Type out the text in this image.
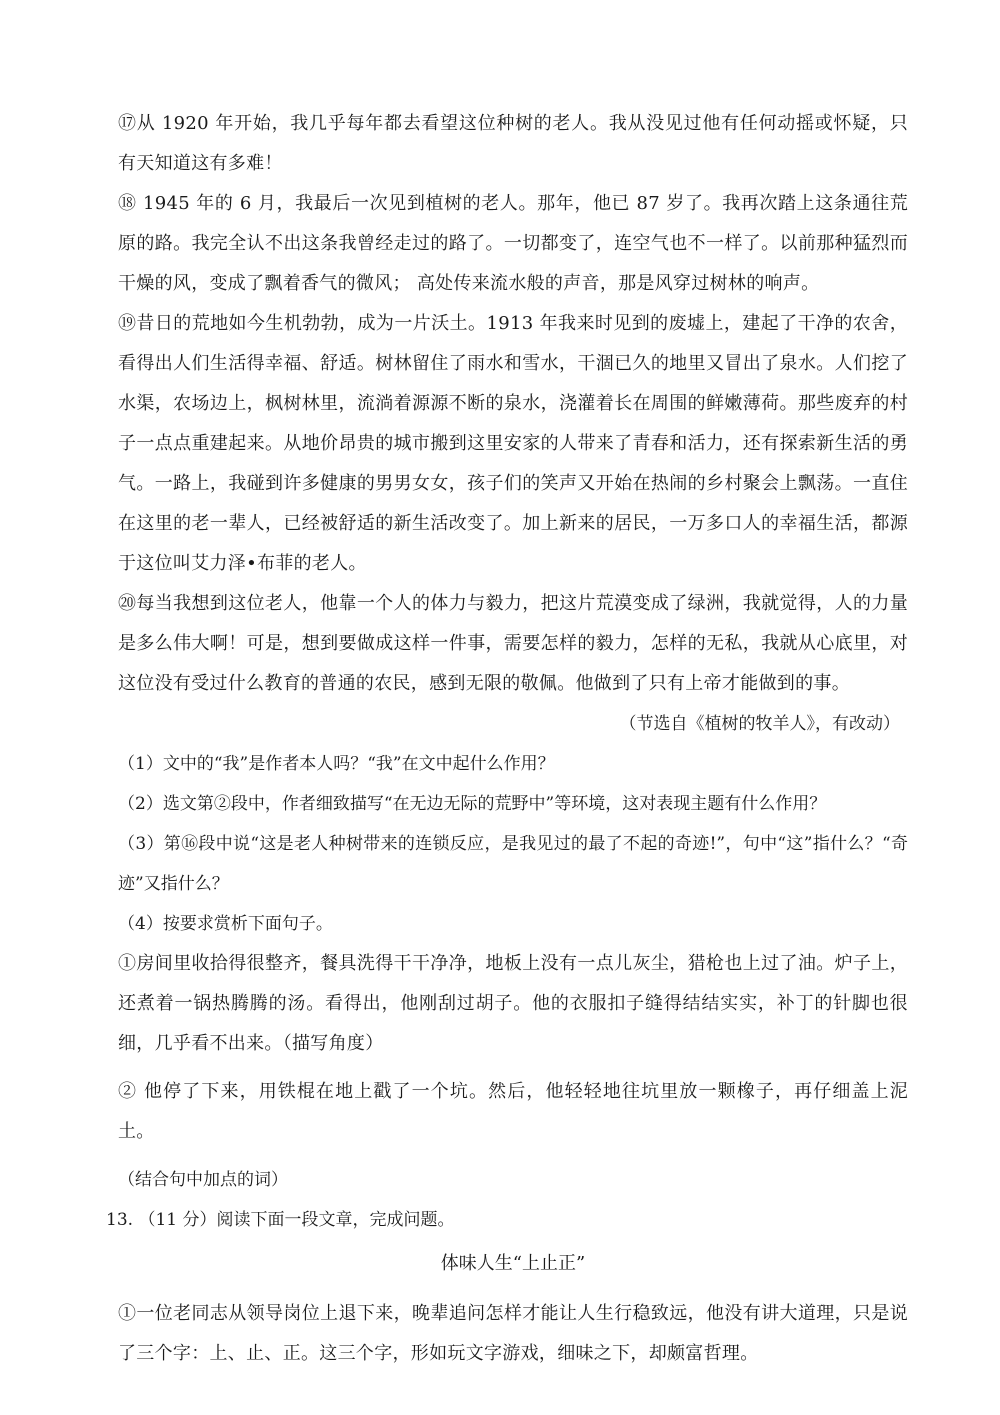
⑰从 1920 年开始，我几乎每年都去看望这位种树的老人。我从没见过他有任何动摇或怀疑，只有天知道这有多难！

⑱ 1945 年的 6 月，我最后一次见到植树的老人。那年，他已 87 岁了。我再次踏上这条通往荒原的路。我完全认不出这条我曾经走过的路了。一切都变了，连空气也不一样了。以前那种猛烈而干燥的风，变成了飘着香气的微风； 高处传来流水般的声音，那是风穿过树林的响声。

⑲昔日的荒地如今生机勃勃，成为一片沃土。1913 年我来时见到的废墟上，建起了干净的农舍，看得出人们生活得幸福、舒适。树林留住了雨水和雪水，干涸已久的地里又冒出了泉水。人们挖了水渠，农场边上，枫树林里，流淌着源源不断的泉水，浇灌着长在周围的鲜嫩薄荷。那些废弃的村子一点点重建起来。从地价昂贵的城市搬到这里安家的人带来了青春和活力，还有探索新生活的勇气。一路上，我碰到许多健康的男男女女，孩子们的笑声又开始在热闹的乡村聚会上飘荡。一直住在这里的老一辈人，已经被舒适的新生活改变了。加上新来的居民，一万多口人的幸福生活，都源于这位叫艾力泽•布菲的老人。

⑳每当我想到这位老人，他靠一个人的体力与毅力，把这片荒漠变成了绿洲，我就觉得，人的力量是多么伟大啊！可是，想到要做成这样一件事，需要怎样的毅力，怎样的无私，我就从心底里，对这位没有受过什么教育的普通的农民，感到无限的敬佩。他做到了只有上帝才能做到的事。

（节选自《植树的牧羊人》，有改动）

（1）文中的“我”是作者本人吗？“我”在文中起什么作用？

（2）选文第②段中，作者细致描写“在无边无际的荒野中”等环境，这对表现主题有什么作用？

（3）第⑯段中说“这是老人种树带来的连锁反应，是我见过的最了不起的奇迹!”，句中“这”指什么？“奇迹”又指什么？

（4）按要求赏析下面句子。

①房间里收拾得很整齐，餐具洗得干干净净，地板上没有一点儿灰尘，猎枪也上过了油。炉子上，还煮着一锅热腾腾的汤。看得出，他刚刮过胡子。他的衣服扣子缝得结结实实，补丁的针脚也很细，几乎看不出来。（描写角度）

② 他停了下来，用铁棍在地上戳了一个坑。然后，他轻轻地往坑里放一颗橡子，再仔细盖上泥土。

（结合句中加点的词）

13. （11 分）阅读下面一段文章，完成问题。

体味人生“上止正”

①一位老同志从领导岗位上退下来，晚辈追问怎样才能让人生行稳致远，他没有讲大道理，只是说了三个字：上、止、正。这三个字，形如玩文字游戏，细味之下，却颇富哲理。
